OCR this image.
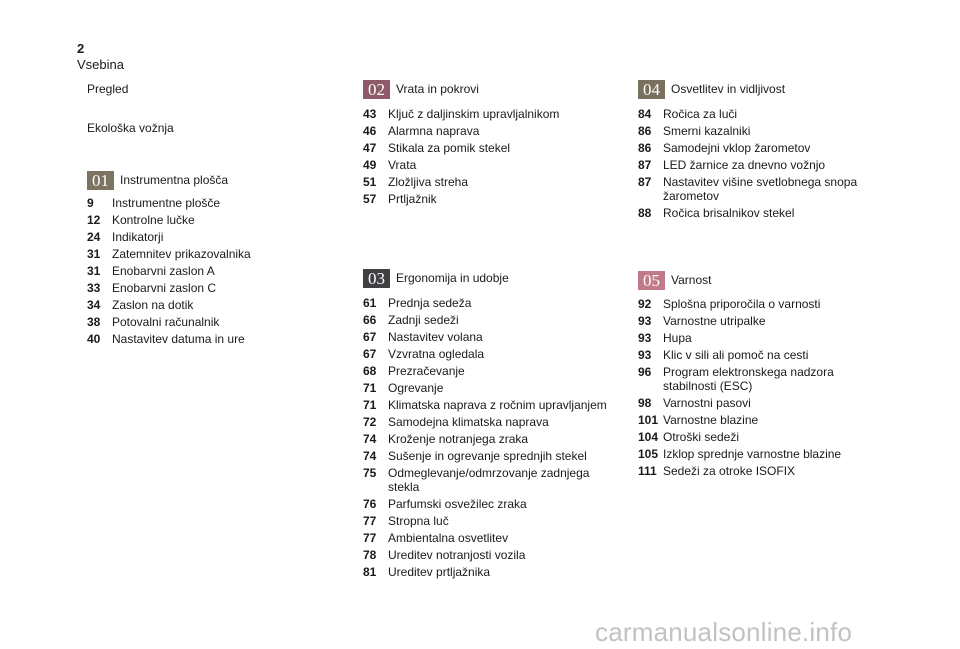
2
Vsebina
Pregled
Ekološka vožnja
01 Instrumentna plošča
9	Instrumentne plošče
12 Kontrolne lučke
24 Indikatorji
31 Zatemnitev prikazovalnika
31 Enobarvni zaslon A
33 Enobarvni zaslon C
34 Zaslon na dotik
38 Potovalni računalnik
40 Nastavitev datuma in ure
02 Vrata in pokrovi
43 Ključ z daljinskim upravljalnikom
46 Alarmna naprava
47 Stikala za pomik stekel
49 Vrata
51 Zložljiva streha
57 Prtljažnik
03 Ergonomija in udobje
61 Prednja sedeža
66 Zadnji sedeži
67 Nastavitev volana
67 Vzvratna ogledala
68 Prezračevanje
71 Ogrevanje
71 Klimatska naprava z ročnim upravljanjem
72 Samodejna klimatska naprava
74 Kroženje notranjega zraka
74 Sušenje in ogrevanje sprednjih stekel
75 Odmeglevanje/odmrzovanje zadnjega stekla
76 Parfumski osvežilec zraka
77 Stropna luč
77 Ambientalna osvetlitev
78 Ureditev notranjosti vozila
81 Ureditev prtljažnika
04 Osvetlitev in vidljivost
84 Ročica za luči
86 Smerni kazalniki
86 Samodejni vklop žarometov
87 LED žarnice za dnevno vožnjo
87 Nastavitev višine svetlobnega snopa žarometov
88 Ročica brisalnikov stekel
05 Varnost
92 Splošna priporočila o varnosti
93 Varnostne utripalke
93 Hupa
93 Klic v sili ali pomoč na cesti
96 Program elektronskega nadzora stabilnosti (ESC)
98 Varnostni pasovi
101 Varnostne blazine
104 Otroški sedeži
105 Izklop sprednje varnostne blazine
111 Sedeži za otroke ISOFIX
carmanualsonline.info
